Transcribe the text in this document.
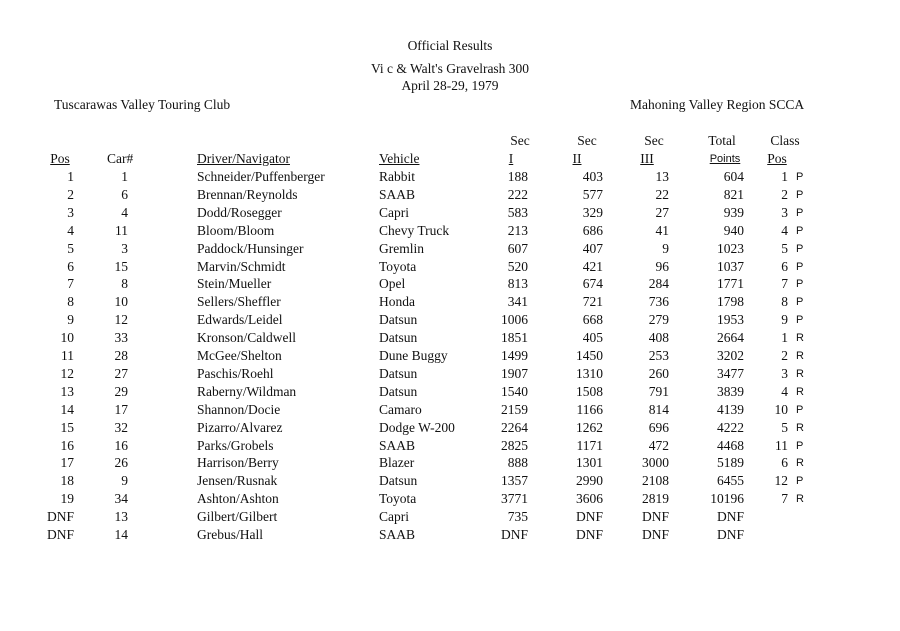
Official Results
Vi c & Walt's Gravelrash 300
April 28-29, 1979
Tuscarawas Valley Touring Club	Mahoning Valley Region SCCA
Sec	Sec	Sec	Total	Class
Pos	Car#	Driver/Navigator	Vehicle	I	II	III	Points	Pos
1	1	Schneider/Puffenberger	Rabbit	188	403	13	604	1 P
2	6	Brennan/Reynolds	SAAB	222	577	22	821	2 P
3	4	Dodd/Rosegger	Capri	583	329	27	939	3 P
4	11	Bloom/Bloom	Chevy Truck	213	686	41	940	4 P
5	3	Paddock/Hunsinger	Gremlin	607	407	9	1023	5 P
6	15	Marvin/Schmidt	Toyota	520	421	96	1037	6 P
7	8	Stein/Mueller	Opel	813	674	284	1771	7 P
8	10	Sellers/Sheffler	Honda	341	721	736	1798	8 P
9	12	Edwards/Leidel	Datsun	1006	668	279	1953	9 P
10	33	Kronson/Caldwell	Datsun	1851	405	408	2664	1 R
11	28	McGee/Shelton	Dune Buggy	1499	1450	253	3202	2 R
12	27	Paschis/Roehl	Datsun	1907	1310	260	3477	3 R
13	29	Raberny/Wildman	Datsun	1540	1508	791	3839	4 R
14	17	Shannon/Docie	Camaro	2159	1166	814	4139	10 P
15	32	Pizarro/Alvarez	Dodge W-200	2264	1262	696	4222	5 R
16	16	Parks/Grobels	SAAB	2825	1171	472	4468	11 P
17	26	Harrison/Berry	Blazer	888	1301	3000	5189	6 R
18	9	Jensen/Rusnak	Datsun	1357	2990	2108	6455	12 P
19	34	Ashton/Ashton	Toyota	3771	3606	2819	10196	7 R
DNF	13	Gilbert/Gilbert	Capri	735	DNF	DNF	DNF
DNF	14	Grebus/Hall	SAAB	DNF	DNF	DNF	DNF
